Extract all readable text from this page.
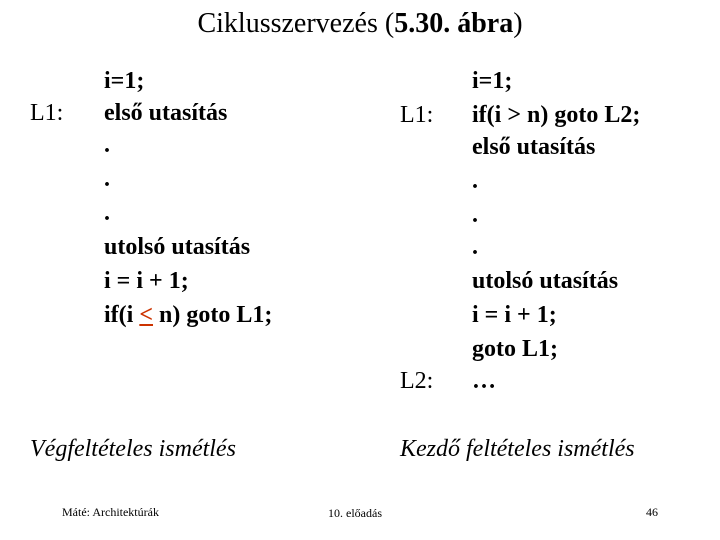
Ciklusszervezés (5.30. ábra)
L1:
i=1;
első utasítás
.
.
.
utolsó utasítás
i = i + 1;
if(i ≤ n) goto L1;
Végfeltételes ismétlés
L1:
L2:
i=1;
if(i > n) goto L2;
első utasítás
.
.
.
utolsó utasítás
i = i + 1;
goto L1;
…
Kezdő feltételes ismétlés
Máté: Architektúrák	10. előadás	46
